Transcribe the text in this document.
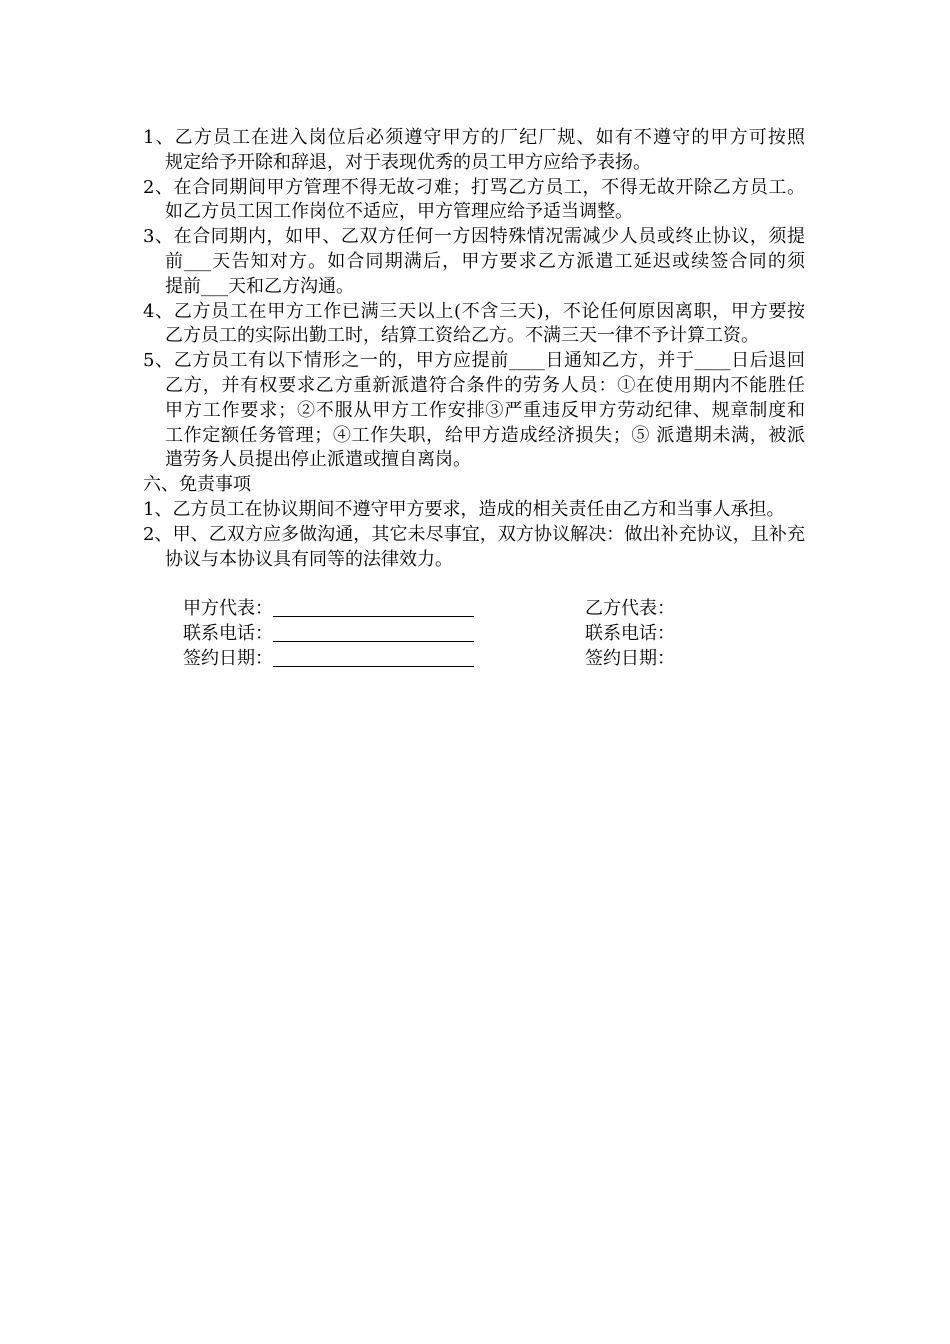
1、乙方员工在进入岗位后必须遵守甲方的厂纪厂规、如有不遵守的甲方可按照
规定给予开除和辞退，对于表现优秀的员工甲方应给予表扬。
2、在合同期间甲方管理不得无故刁难；打骂乙方员工，不得无故开除乙方员工。
如乙方员工因工作岗位不适应，甲方管理应给予适当调整。
3、在合同期内，如甲、乙双方任何一方因特殊情况需减少人员或终止协议，须提
前___天告知对方。如合同期满后，甲方要求乙方派遣工延迟或续签合同的须
提前___天和乙方沟通。
4、乙方员工在甲方工作已满三天以上(不含三天)，不论任何原因离职，甲方要按
乙方员工的实际出勤工时，结算工资给乙方。不满三天一律不予计算工资。
5、乙方员工有以下情形之一的，甲方应提前____日通知乙方，并于____日后退回
乙方，并有权要求乙方重新派遣符合条件的劳务人员：①在使用期内不能胜任
甲方工作要求；②不服从甲方工作安排③严重违反甲方劳动纪律、规章制度和
工作定额任务管理；④工作失职，给甲方造成经济损失；⑤ 派遣期未满，被派
遣劳务人员提出停止派遣或擅自离岗。
六、免责事项
1、乙方员工在协议期间不遵守甲方要求，造成的相关责任由乙方和当事人承担。
2、甲、乙双方应多做沟通，其它未尽事宜，双方协议解决：做出补充协议，且补充
协议与本协议具有同等的法律效力。
甲方代表：	乙方代表：
联系电话：	联系电话：
签约日期：	签约日期：
